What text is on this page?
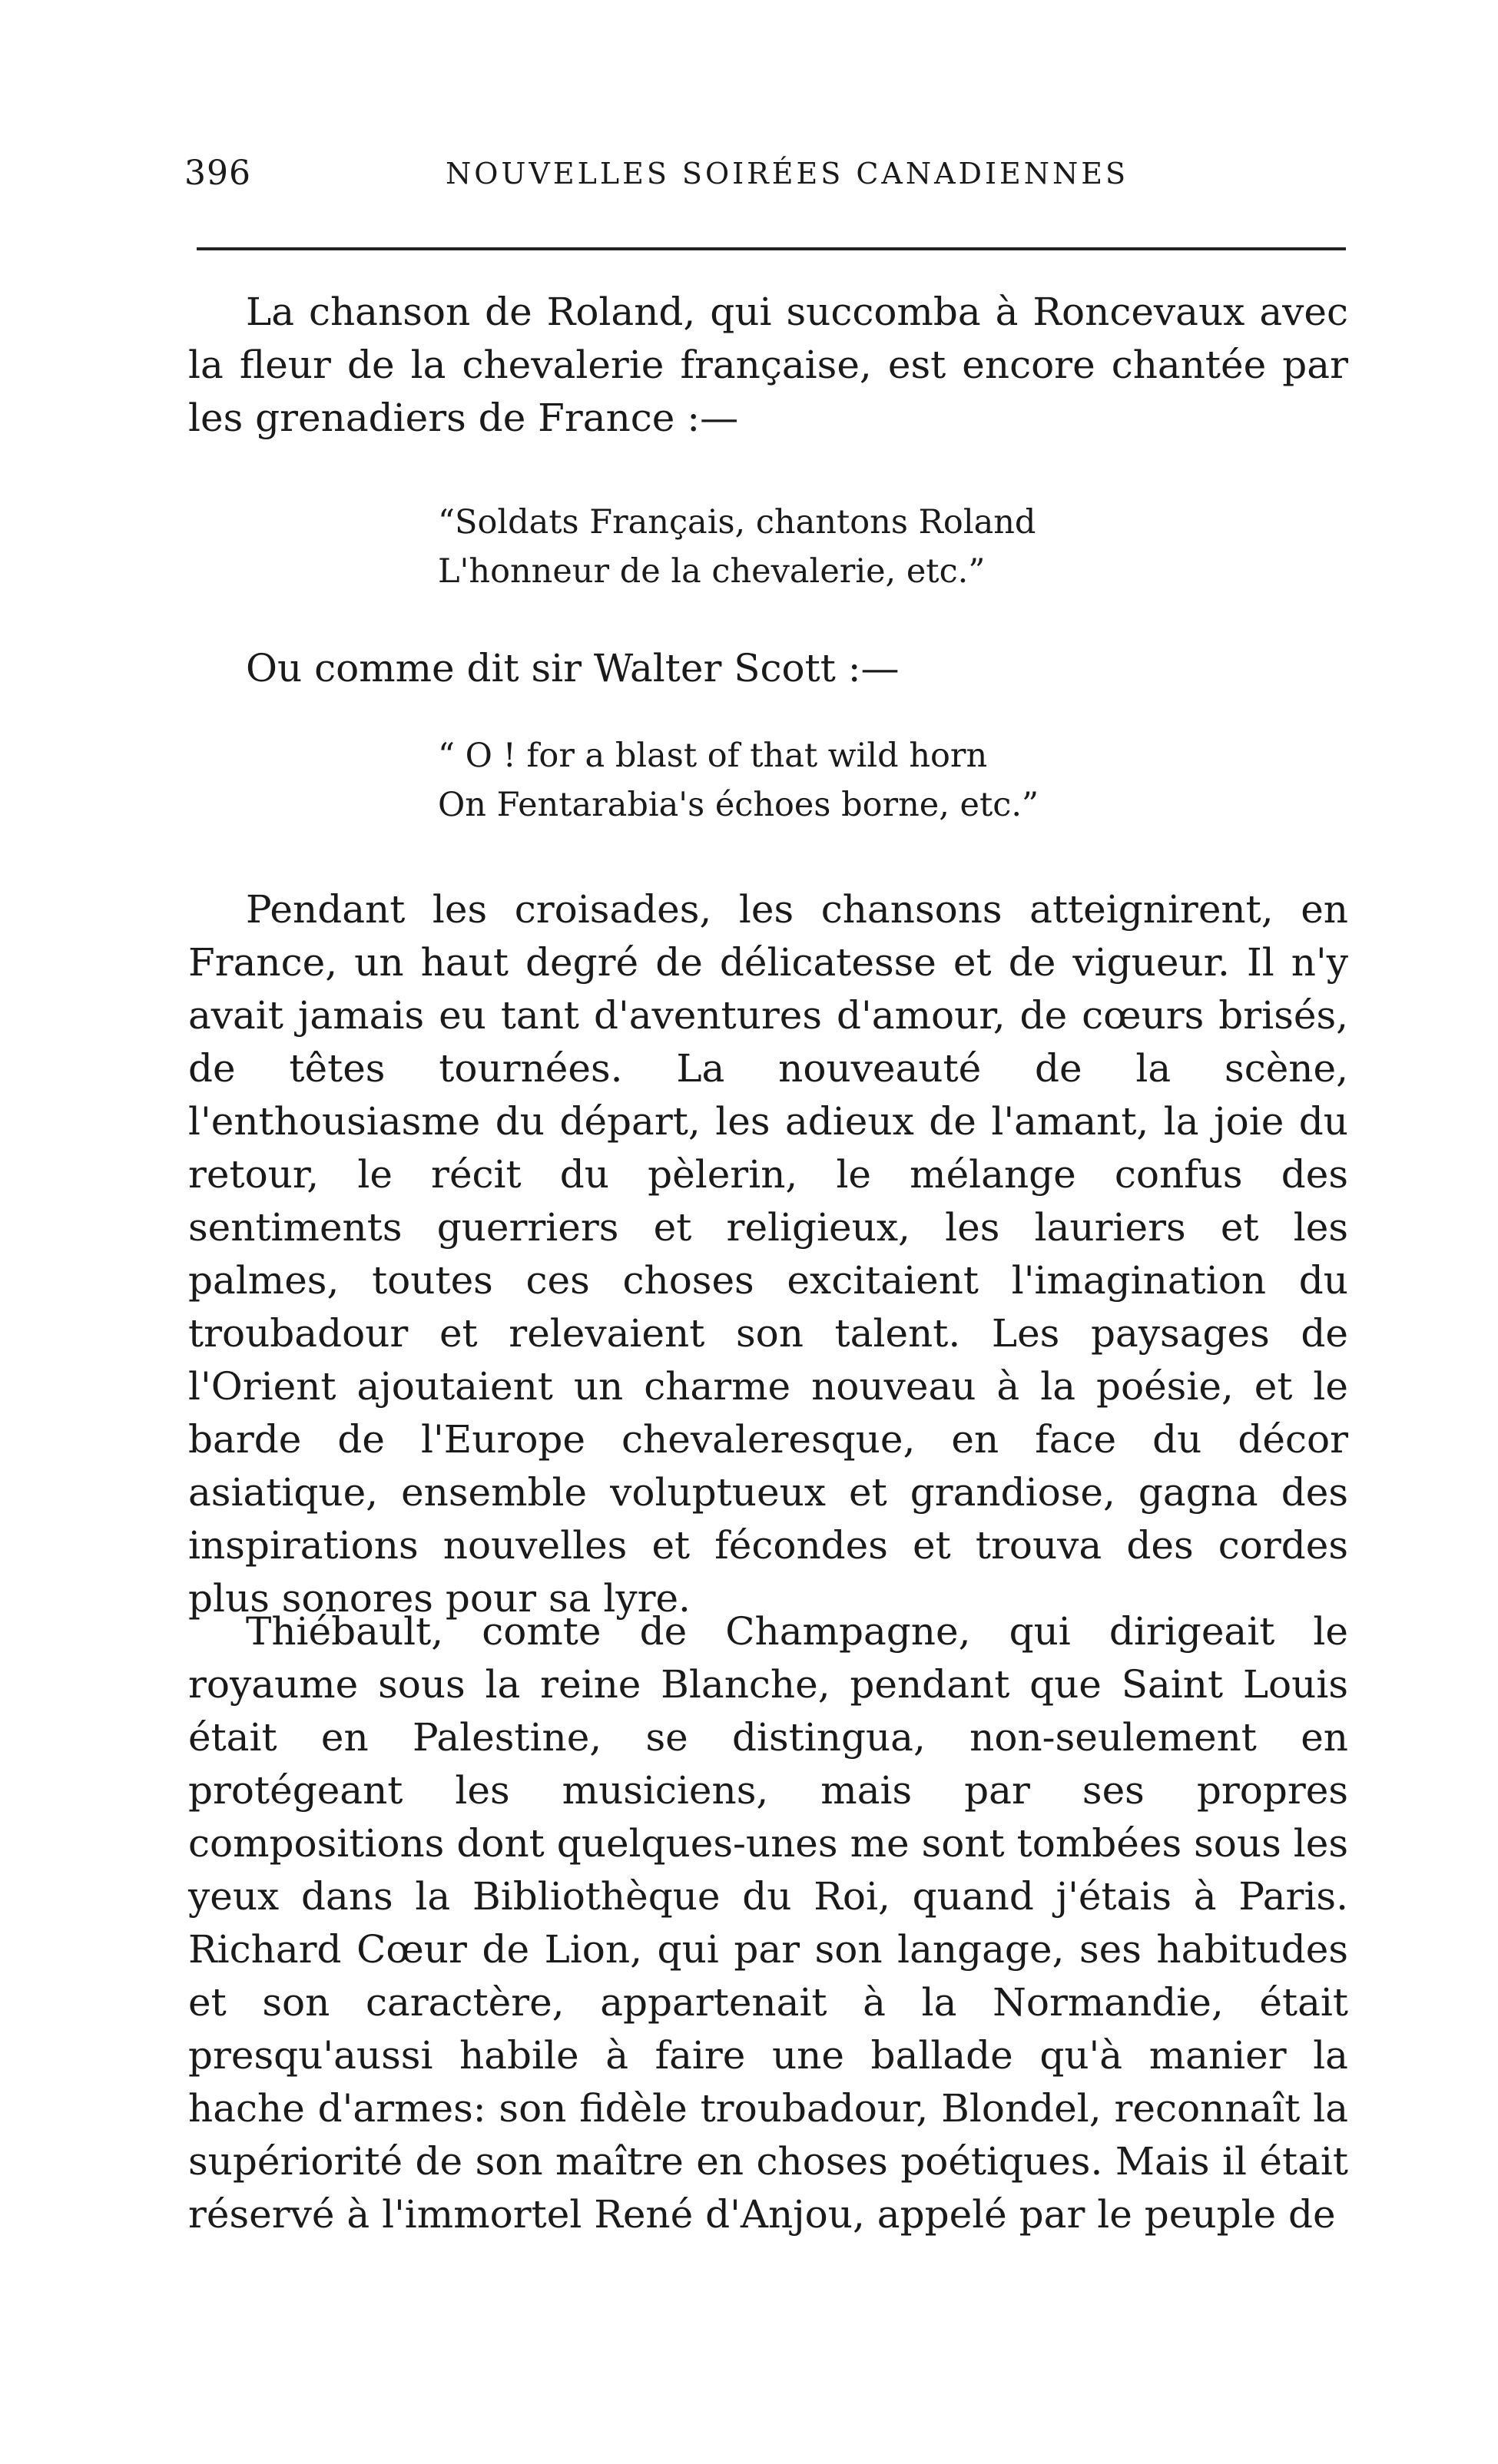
396	NOUVELLES SOIRÉES CANADIENNES

La chanson de Roland, qui succomba à Roncevaux avec la fleur de la chevalerie française, est encore chantée par les grenadiers de France :—

“Soldats Français, chantons Roland
L'honneur de la chevalerie, etc.”

Ou comme dit sir Walter Scott :—

“ O ! for a blast of that wild horn
On Fentarabia's échoes borne, etc.”

Pendant les croisades, les chansons atteignirent, en France, un haut degré de délicatesse et de vigueur. Il n'y avait jamais eu tant d'aventures d'amour, de cœurs brisés, de têtes tournées. La nouveauté de la scène, l'enthousiasme du départ, les adieux de l'amant, la joie du retour, le récit du pèlerin, le mélange confus des sentiments guerriers et religieux, les lauriers et les palmes, toutes ces choses excitaient l'imagination du troubadour et relevaient son talent. Les paysages de l'Orient ajoutaient un charme nouveau à la poésie, et le barde de l'Europe chevaleresque, en face du décor asiatique, ensemble voluptueux et grandiose, gagna des inspirations nouvelles et fécondes et trouva des cordes plus sonores pour sa lyre.

Thiébault, comte de Champagne, qui dirigeait le royaume sous la reine Blanche, pendant que Saint Louis était en Palestine, se distingua, non-seulement en protégeant les musiciens, mais par ses propres compositions dont quelques-unes me sont tombées sous les yeux dans la Bibliothèque du Roi, quand j'étais à Paris. Richard Cœur de Lion, qui par son langage, ses habitudes et son caractère, appartenait à la Normandie, était presqu'aussi habile à faire une ballade qu'à manier la hache d'armes: son fidèle troubadour, Blondel, reconnaît la supériorité de son maître en choses poétiques. Mais il était réservé à l'immortel René d'Anjou, appelé par le peuple de
